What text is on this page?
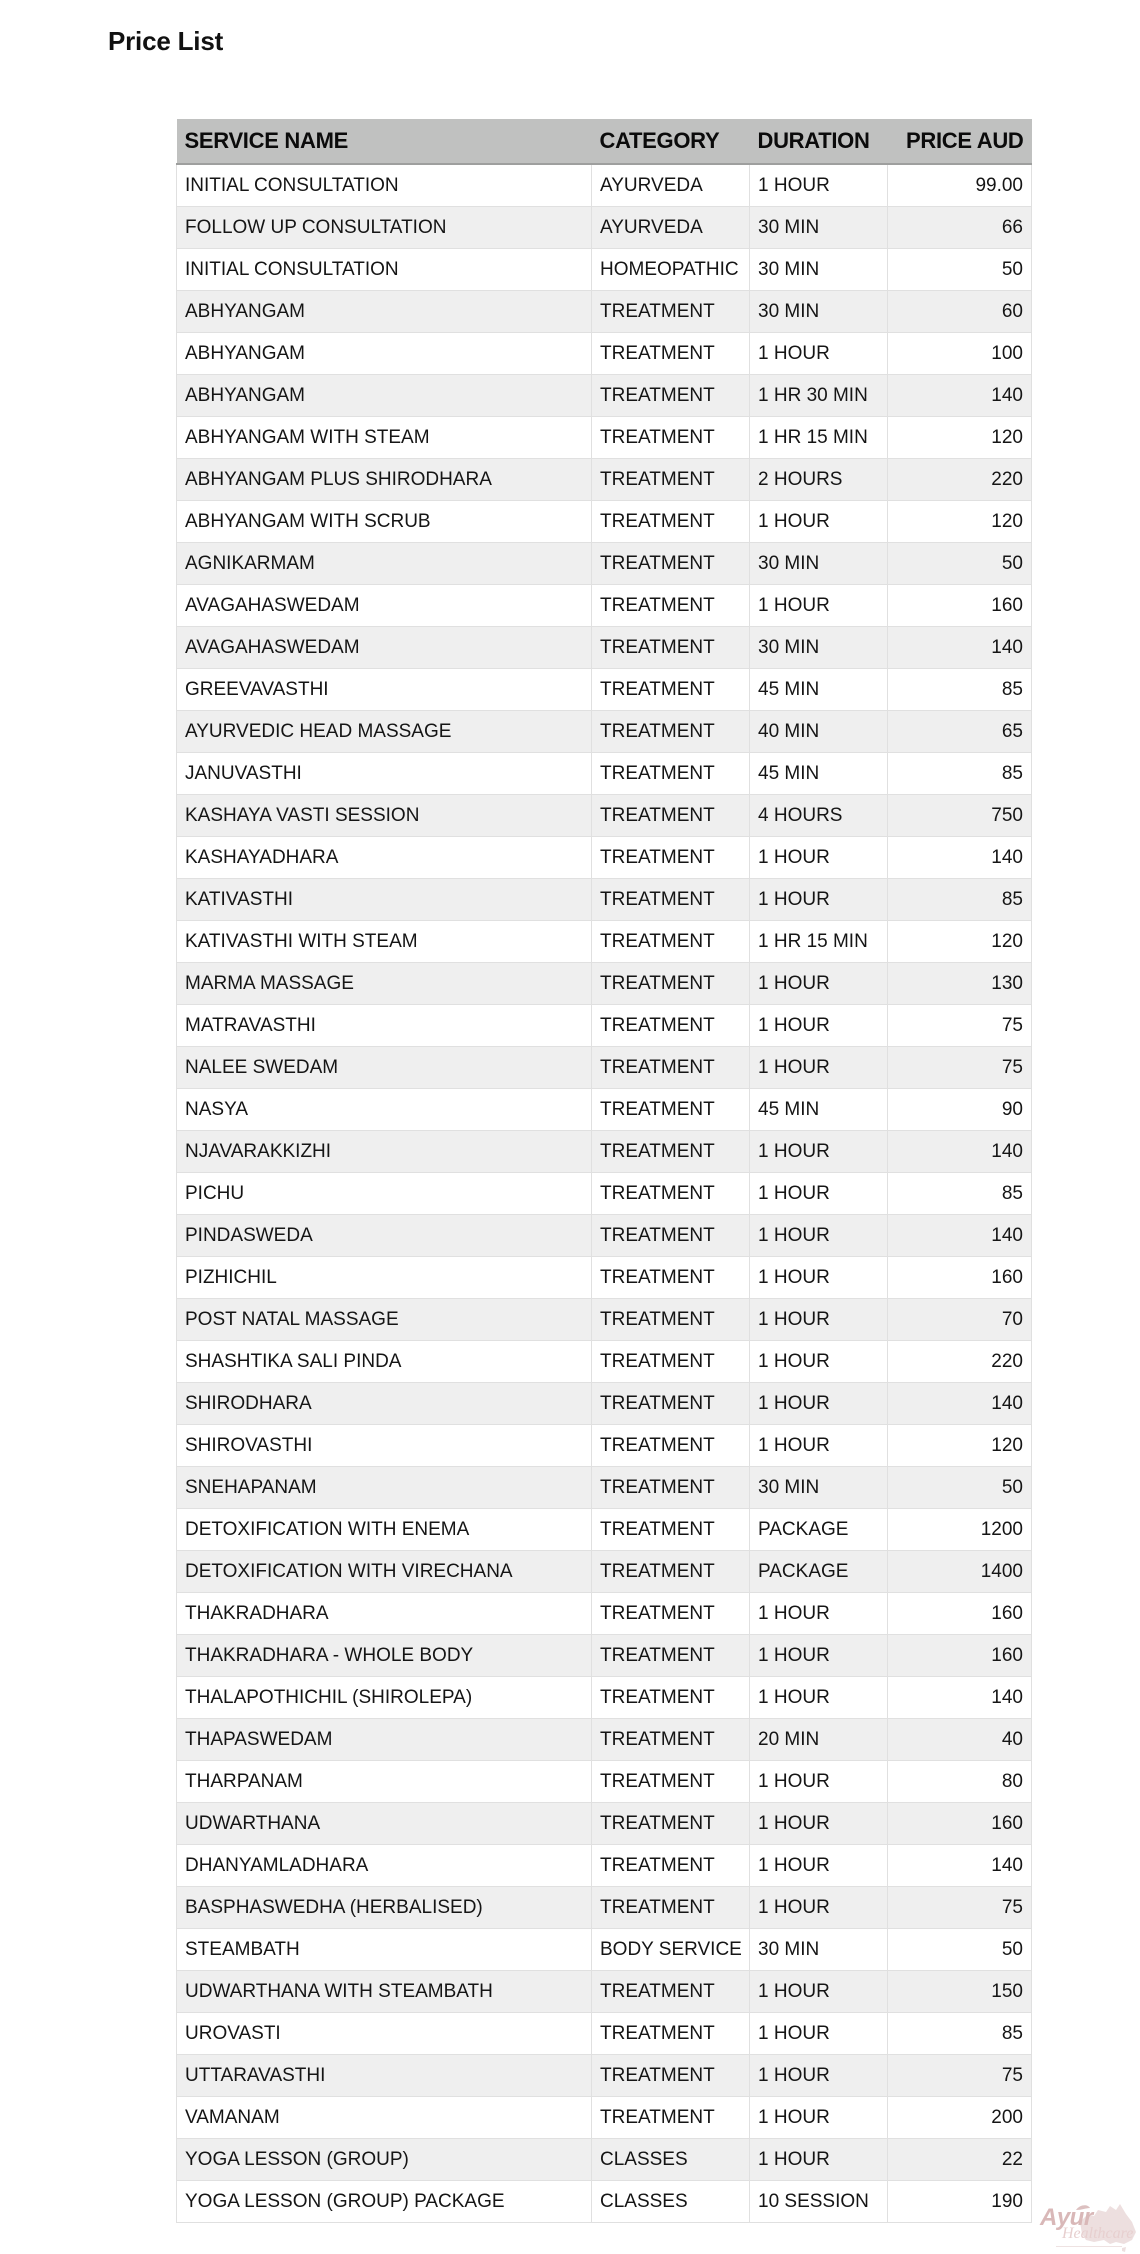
Price List
SERVICE NAME	CATEGORY	DURATION	PRICE AUD
INITIAL CONSULTATION	AYURVEDA	1 HOUR	99.00
FOLLOW UP CONSULTATION	AYURVEDA	30 MIN	66
INITIAL CONSULTATION	HOMEOPATHIC	30 MIN	50
ABHYANGAM	TREATMENT	30 MIN	60
ABHYANGAM	TREATMENT	1 HOUR	100
ABHYANGAM	TREATMENT	1 HR 30 MIN	140
ABHYANGAM WITH STEAM	TREATMENT	1 HR 15 MIN	120
ABHYANGAM PLUS SHIRODHARA	TREATMENT	2 HOURS	220
ABHYANGAM WITH SCRUB	TREATMENT	1 HOUR	120
AGNIKARMAM	TREATMENT	30 MIN	50
AVAGAHASWEDAM	TREATMENT	1 HOUR	160
AVAGAHASWEDAM	TREATMENT	30 MIN	140
GREEVAVASTHI	TREATMENT	45 MIN	85
AYURVEDIC HEAD MASSAGE	TREATMENT	40 MIN	65
JANUVASTHI	TREATMENT	45 MIN	85
KASHAYA VASTI SESSION	TREATMENT	4 HOURS	750
KASHAYADHARA	TREATMENT	1 HOUR	140
KATIVASTHI	TREATMENT	1 HOUR	85
KATIVASTHI WITH STEAM	TREATMENT	1 HR 15 MIN	120
MARMA MASSAGE	TREATMENT	1 HOUR	130
MATRAVASTHI	TREATMENT	1 HOUR	75
NALEE SWEDAM	TREATMENT	1 HOUR	75
NASYA	TREATMENT	45 MIN	90
NJAVARAKKIZHI	TREATMENT	1 HOUR	140
PICHU	TREATMENT	1 HOUR	85
PINDASWEDA	TREATMENT	1 HOUR	140
PIZHICHIL	TREATMENT	1 HOUR	160
POST NATAL MASSAGE	TREATMENT	1 HOUR	70
SHASHTIKA SALI PINDA	TREATMENT	1 HOUR	220
SHIRODHARA	TREATMENT	1 HOUR	140
SHIROVASTHI	TREATMENT	1 HOUR	120
SNEHAPANAM	TREATMENT	30 MIN	50
DETOXIFICATION WITH ENEMA	TREATMENT	PACKAGE	1200
DETOXIFICATION WITH VIRECHANA	TREATMENT	PACKAGE	1400
THAKRADHARA	TREATMENT	1 HOUR	160
THAKRADHARA - WHOLE BODY	TREATMENT	1 HOUR	160
THALAPOTHICHIL (SHIROLEPA)	TREATMENT	1 HOUR	140
THAPASWEDAM	TREATMENT	20 MIN	40
THARPANAM	TREATMENT	1 HOUR	80
UDWARTHANA	TREATMENT	1 HOUR	160
DHANYAMLADHARA	TREATMENT	1 HOUR	140
BASPHASWEDHA (HERBALISED)	TREATMENT	1 HOUR	75
STEAMBATH	BODY SERVICE	30 MIN	50
UDWARTHANA WITH STEAMBATH	TREATMENT	1 HOUR	150
UROVASTI	TREATMENT	1 HOUR	85
UTTARAVASTHI	TREATMENT	1 HOUR	75
VAMANAM	TREATMENT	1 HOUR	200
YOGA LESSON (GROUP)	CLASSES	1 HOUR	22
YOGA LESSON (GROUP) PACKAGE	CLASSES	10 SESSION	190
Ayur
Healthcare
